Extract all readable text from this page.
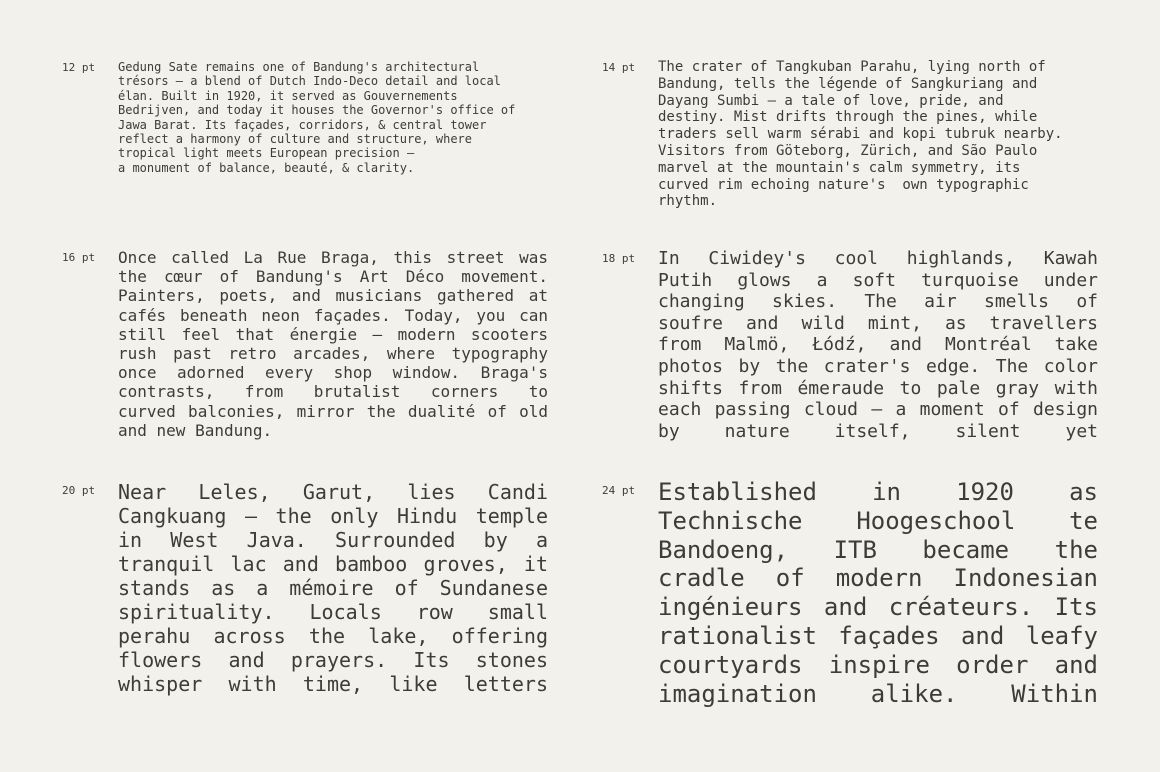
12 pt Gedung Sate remains one of Bandung's architectural
trésors — a blend of Dutch Indo-Deco detail and local
élan. Built in 1920, it served as Gouvernements
Bedrijven, and today it houses the Governor's office of
Jawa Barat. Its façades, corridors, & central tower
reflect a harmony of culture and structure, where
tropical light meets European precision —
a monument of balance, beauté, & clarity.
14 pt The crater of Tangkuban Parahu, lying north of
Bandung, tells the légende of Sangkuriang and
Dayang Sumbi — a tale of love, pride, and
destiny. Mist drifts through the pines, while
traders sell warm sérabi and kopi tubruk nearby.
Visitors from Göteborg, Zürich, and São Paulo
marvel at the mountain's calm symmetry, its
curved rim echoing nature's  own typographic
rhythm.
16 pt Once called La Rue Braga, this street was
the cœur of Bandung's Art Déco movement.
Painters, poets, and musicians gathered at
cafés beneath neon façades. Today, you can
still feel that énergie — modern scooters
rush past retro arcades, where typography
once adorned every shop window. Braga's
contrasts, from brutalist corners to
curved balconies, mirror the dualité of old
and new Bandung.
18 pt In Ciwidey's cool highlands, Kawah
Putih glows a soft turquoise under
changing skies. The air smells of
soufre and wild mint, as travellers
from Malmö, Łódź, and Montréal take
photos by the crater's edge. The color
shifts from émeraude to pale gray with
each passing cloud — a moment of design
by nature itself, silent yet
20 pt Near Leles, Garut, lies Candi
Cangkuang — the only Hindu temple
in West Java. Surrounded by a
tranquil lac and bamboo groves, it
stands as a mémoire of Sundanese
spirituality. Locals row small
perahu across the lake, offering
flowers and prayers. Its stones
whisper with time, like letters
24 pt Established in 1920 as
Technische Hoogeschool te
Bandoeng, ITB became the
cradle of modern Indonesian
ingénieurs and créateurs. Its
rationalist façades and leafy
courtyards inspire order and
imagination alike. Within
